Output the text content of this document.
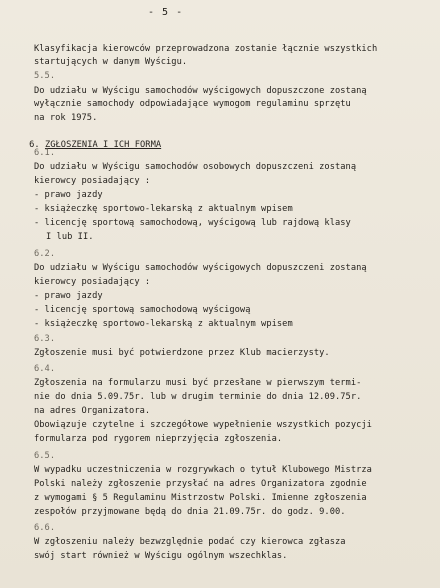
- 5 -
Klasyfikacja kierowców przeprowadzona zostanie łącznie wszystkich
startujących w danym Wyścigu.
5.5.
Do udziału w Wyścigu samochodów wyścigowych dopuszczone zostaną
wyłącznie samochody odpowiadające wymogom regulaminu sprzętu
na rok 1975.

6. ZGŁOSZENIA I ICH FORMA

6.1.
Do udziału w Wyścigu samochodów osobowych dopuszczeni zostaną
kierowcy posiadający :
- prawo jazdy
- książeczkę sportowo-lekarską z aktualnym wpisem
- licencję sportową samochodową, wyścigową lub rajdową klasy
I lub II.
6.2.
Do udziału w Wyścigu samochodów wyścigowych dopuszczeni zostaną
kierowcy posiadający :
- prawo jazdy
- licencję sportową samochodową wyścigową
- książeczkę sportowo-lekarską z aktualnym wpisem
6.3.
Zgłoszenie musi być potwierdzone przez Klub macierzysty.
6.4.
Zgłoszenia na formularzu musi być przesłane w pierwszym termi-
nie do dnia 5.09.75r. lub w drugim terminie do dnia 12.09.75r.
na adres Organizatora.
Obowiązuje czytelne i szczegółowe wypełnienie wszystkich pozycji
formularza pod rygorem nieprzyjęcia zgłoszenia.
6.5.
W wypadku uczestniczenia w rozgrywkach o tytuł Klubowego Mistrza
Polski należy zgłoszenie przysłać na adres Organizatora zgodnie
z wymogami § 5 Regulaminu Mistrzostw Polski. Imienne zgłoszenia
zespołów przyjmowane będą do dnia 21.09.75r. do godz. 9.00.
6.6.
W zgłoszeniu należy bezwzględnie podać czy kierowca zgłasza
swój start również w Wyścigu ogólnym wszechklas.
